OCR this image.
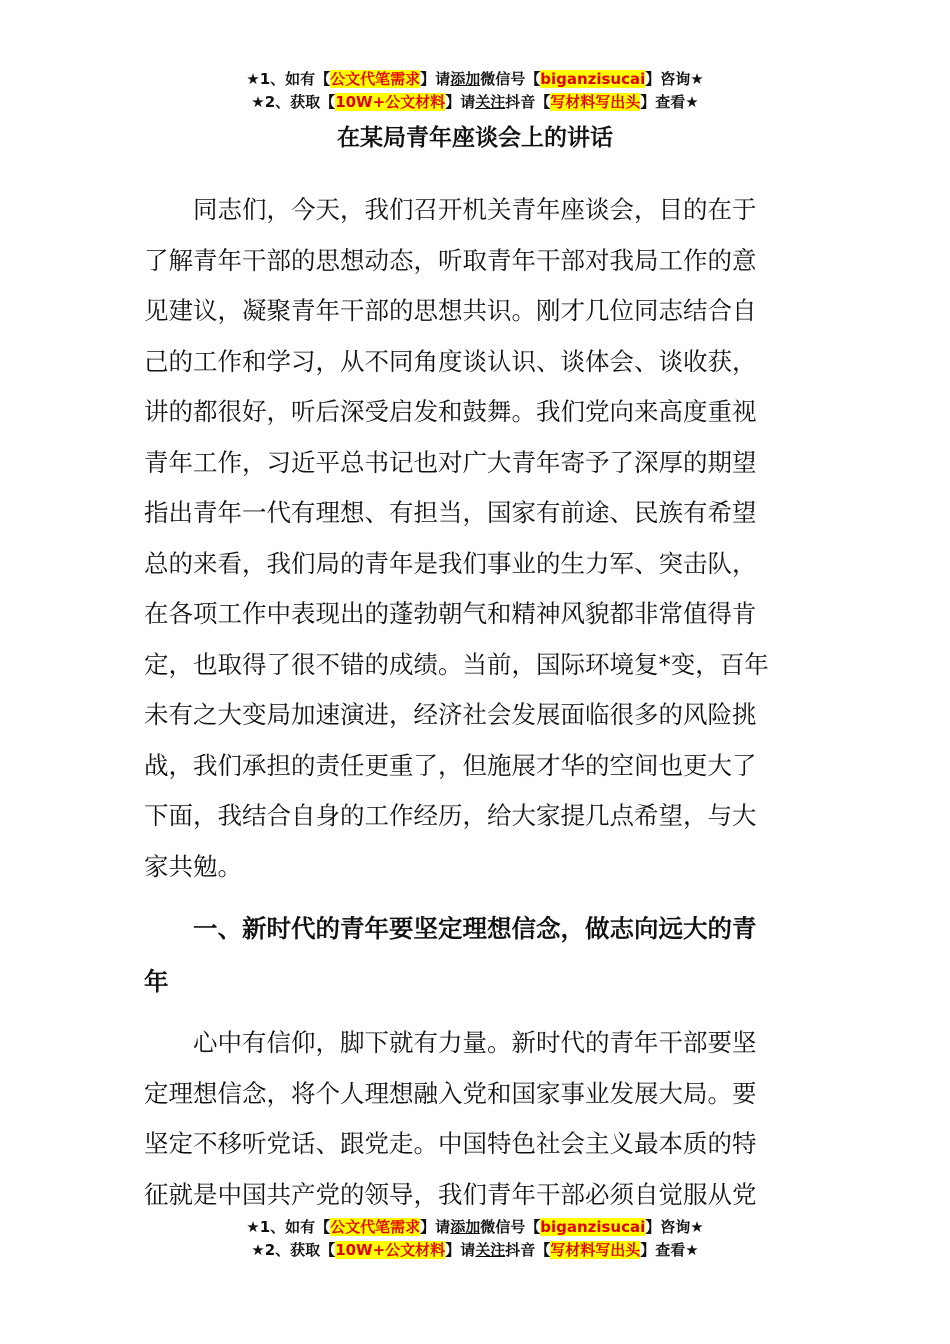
★1、如有【公文代笔需求】请添加微信号【biganzisucai】咨询★
★2、获取【10W+公文材料】请关注抖音【写材料写出头】查看★
在某局青年座谈会上的讲话
同志们，今天，我们召开机关青年座谈会，目的在于
了解青年干部的思想动态，听取青年干部对我局工作的意
见建议，凝聚青年干部的思想共识。刚才几位同志结合自
己的工作和学习，从不同角度谈认识、谈体会、谈收获，
讲的都很好，听后深受启发和鼓舞。我们党向来高度重视
青年工作，习近平总书记也对广大青年寄予了深厚的期望
指出青年一代有理想、有担当，国家有前途、民族有希望
总的来看，我们局的青年是我们事业的生力军、突击队，
在各项工作中表现出的蓬勃朝气和精神风貌都非常值得肯
定，也取得了很不错的成绩。当前，国际环境复*变，百年
未有之大变局加速演进，经济社会发展面临很多的风险挑
战，我们承担的责任更重了，但施展才华的空间也更大了
下面，我结合自身的工作经历，给大家提几点希望，与大
家共勉。
一、新时代的青年要坚定理想信念，做志向远大的青
年
心中有信仰，脚下就有力量。新时代的青年干部要坚
定理想信念，将个人理想融入党和国家事业发展大局。要
坚定不移听党话、跟党走。中国特色社会主义最本质的特
征就是中国共产党的领导，我们青年干部必须自觉服从党
★1、如有【公文代笔需求】请添加微信号【biganzisucai】咨询★
★2、获取【10W+公文材料】请关注抖音【写材料写出头】查看★
